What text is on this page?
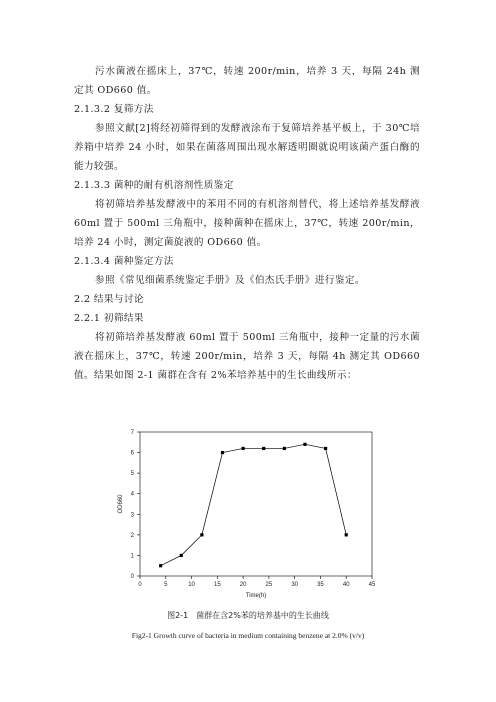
污水菌液在摇床上，37℃，转速 200r/min，培养 3 天，每隔 24h 测定其 OD660 值。

2.1.3.2 复筛方法

参照文献[2]将经初筛得到的发酵液涂布于复筛培养基平板上，于 30℃培养箱中培养 24 小时，如果在菌落周围出现水解透明圈就说明该菌产蛋白酶的能力较强。

2.1.3.3 菌种的耐有机溶剂性质鉴定

将初筛培养基发酵液中的苯用不同的有机溶剂替代，将上述培养基发酵液 60ml 置于 500ml 三角瓶中，接种菌种在摇床上，37℃，转速 200r/min，培养 24 小时，测定菌旋液的 OD660 值。

2.1.3.4 菌种鉴定方法

参照《常见细菌系统鉴定手册》及《伯杰氏手册》进行鉴定。

2.2 结果与讨论

2.2.1 初筛结果

将初筛培养基发酵液 60ml 置于 500ml 三角瓶中，接种一定量的污水菌液在摇床上，37℃，转速 200r/min，培养 3 天，每隔 4h 测定其 OD660 值。结果如图 2-1 菌群在含有 2%苯培养基中的生长曲线所示：

0	5	10	15	20	25	30	35	40	45
0
1
2
3
4
5
6
7
Time(h)
OD660
图2-1　菌群在含2%苯的培养基中的生长曲线
Fig2-1 Growth curve of bacteria in medium containing benzene at 2.0% (v/v)
